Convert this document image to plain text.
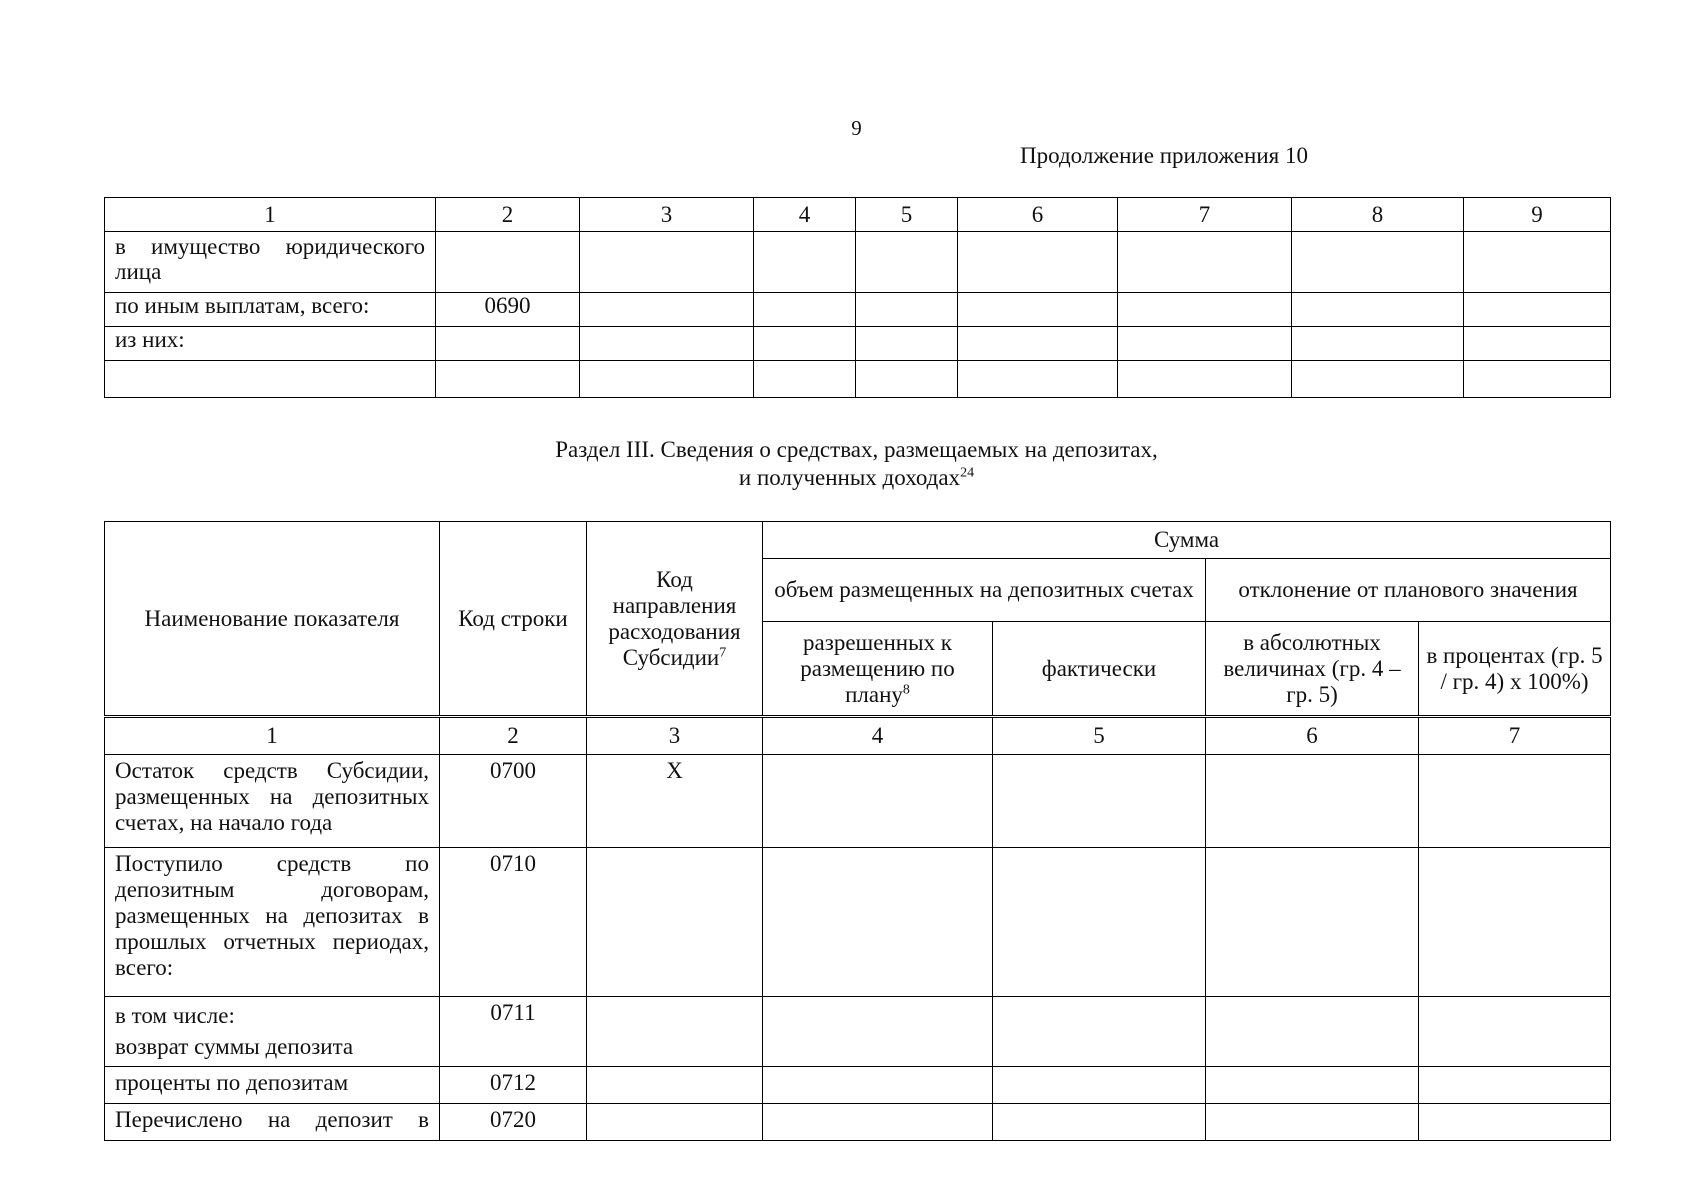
9
Продолжение приложения 10
1	2	3	4	5	6	7	8	9
в имущество юридического лица								
по иным выплатам, всего:	0690							
из них:								

Раздел III. Сведения о средствах, размещаемых на депозитах,
и полученных доходах$^{24}$
Наименование показателя	Код строки	Код направления расходования Субсидии$^7$	Сумма			
			объем размещенных на депозитных счетах		отклонение от планового значения	
			разрешенных к размещению по плану$^8$	фактически	в абсолютных величинах (гр. 4 – гр. 5)	в процентах (гр. 5 / гр. 4) х 100%)
1	2	3	4	5	6	7
Остаток средств Субсидии, размещенных на депозитных счетах, на начало года	0700	Х				
Поступило средств по депозитным договорам, размещенных на депозитах в прошлых отчетных периодах, всего:	0710					

в том числе:
возврат суммы депозита	0711					
проценты по депозитам	0712					
Перечислено на депозит в	0720					
